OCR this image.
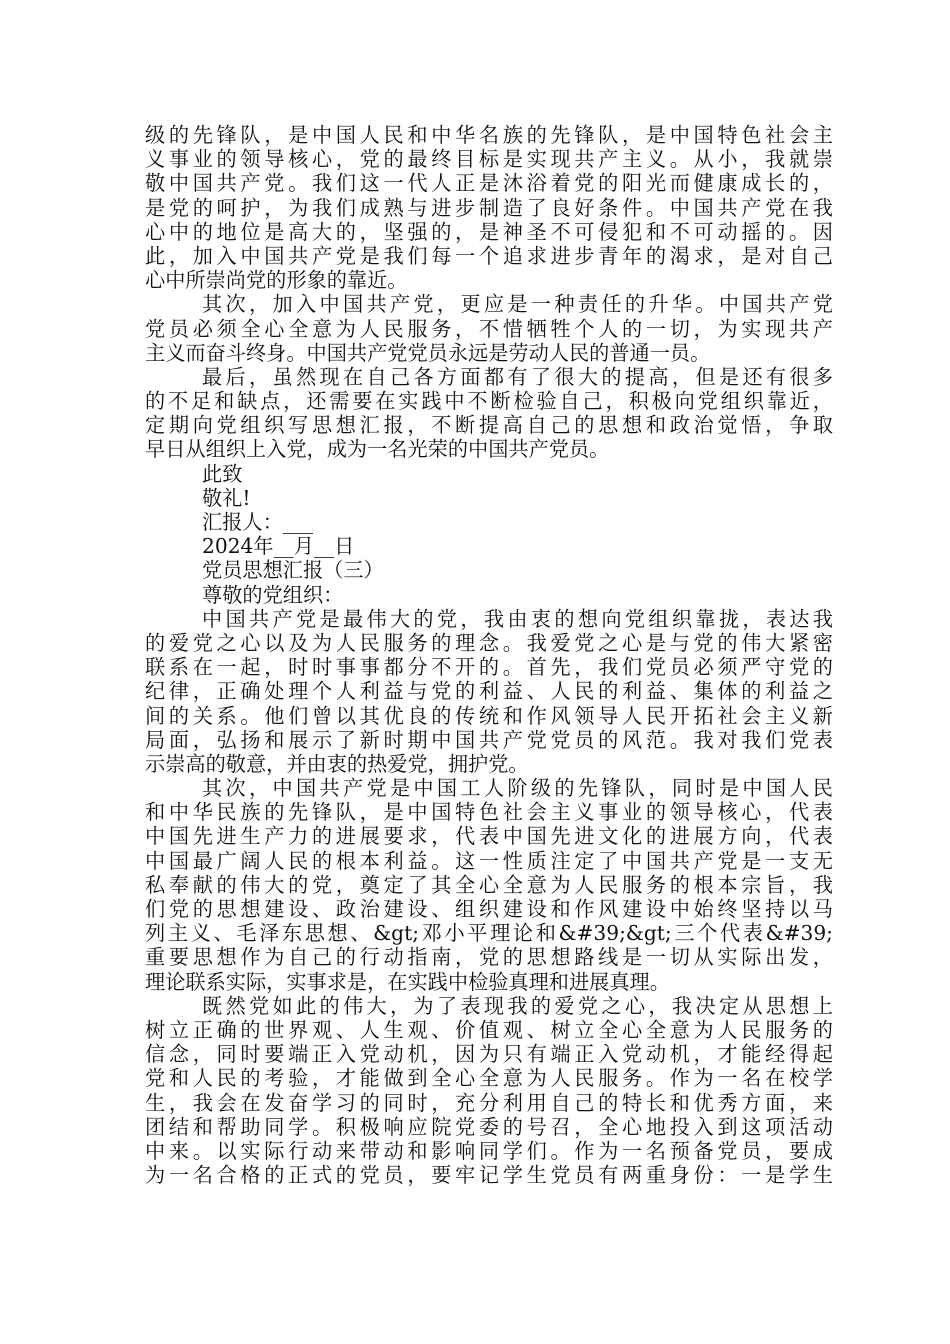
级的先锋队，是中国人民和中华名族的先锋队，是中国特色社会主
义事业的领导核心，党的最终目标是实现共产主义。从小，我就崇
敬中国共产党。我们这一代人正是沐浴着党的阳光而健康成长的，
是党的呵护，为我们成熟与进步制造了良好条件。中国共产党在我
心中的地位是高大的，坚强的，是神圣不可侵犯和不可动摇的。因
此，加入中国共产党是我们每一个追求进步青年的渴求，是对自己
心中所崇尚党的形象的靠近。
其次，加入中国共产党，更应是一种责任的升华。中国共产党
党员必须全心全意为人民服务，不惜牺牲个人的一切，为实现共产
主义而奋斗终身。中国共产党党员永远是劳动人民的普通一员。
最后，虽然现在自己各方面都有了很大的提高，但是还有很多
的不足和缺点，还需要在实践中不断检验自己，积极向党组织靠近，
定期向党组织写思想汇报，不断提高自己的思想和政治觉悟，争取
早日从组织上入党，成为一名光荣的中国共产党员。
此致
敬礼!
汇报人：___
2024年__月__日
党员思想汇报（三）
尊敬的党组织：
中国共产党是最伟大的党，我由衷的想向党组织靠拢，表达我
的爱党之心以及为人民服务的理念。我爱党之心是与党的伟大紧密
联系在一起，时时事事都分不开的。首先，我们党员必须严守党的
纪律，正确处理个人利益与党的利益、人民的利益、集体的利益之
间的关系。他们曾以其优良的传统和作风领导人民开拓社会主义新
局面，弘扬和展示了新时期中国共产党党员的风范。我对我们党表
示崇高的敬意，并由衷的热爱党，拥护党。
其次，中国共产党是中国工人阶级的先锋队，同时是中国人民
和中华民族的先锋队，是中国特色社会主义事业的领导核心，代表
中国先进生产力的进展要求，代表中国先进文化的进展方向，代表
中国最广阔人民的根本利益。这一性质注定了中国共产党是一支无
私奉献的伟大的党，奠定了其全心全意为人民服务的根本宗旨，我
们党的思想建设、政治建设、组织建设和作风建设中始终坚持以马
列主义、毛泽东思想、&gt;邓小平理论和&#39;&gt;三个代表&#39;
重要思想作为自己的行动指南，党的思想路线是一切从实际出发，
理论联系实际，实事求是，在实践中检验真理和进展真理。
既然党如此的伟大，为了表现我的爱党之心，我决定从思想上
树立正确的世界观、人生观、价值观、树立全心全意为人民服务的
信念，同时要端正入党动机，因为只有端正入党动机，才能经得起
党和人民的考验，才能做到全心全意为人民服务。作为一名在校学
生，我会在发奋学习的同时，充分利用自己的特长和优秀方面，来
团结和帮助同学。积极响应院党委的号召，全心地投入到这项活动
中来。以实际行动来带动和影响同学们。作为一名预备党员，要成
为一名合格的正式的党员，要牢记学生党员有两重身份：一是学生
